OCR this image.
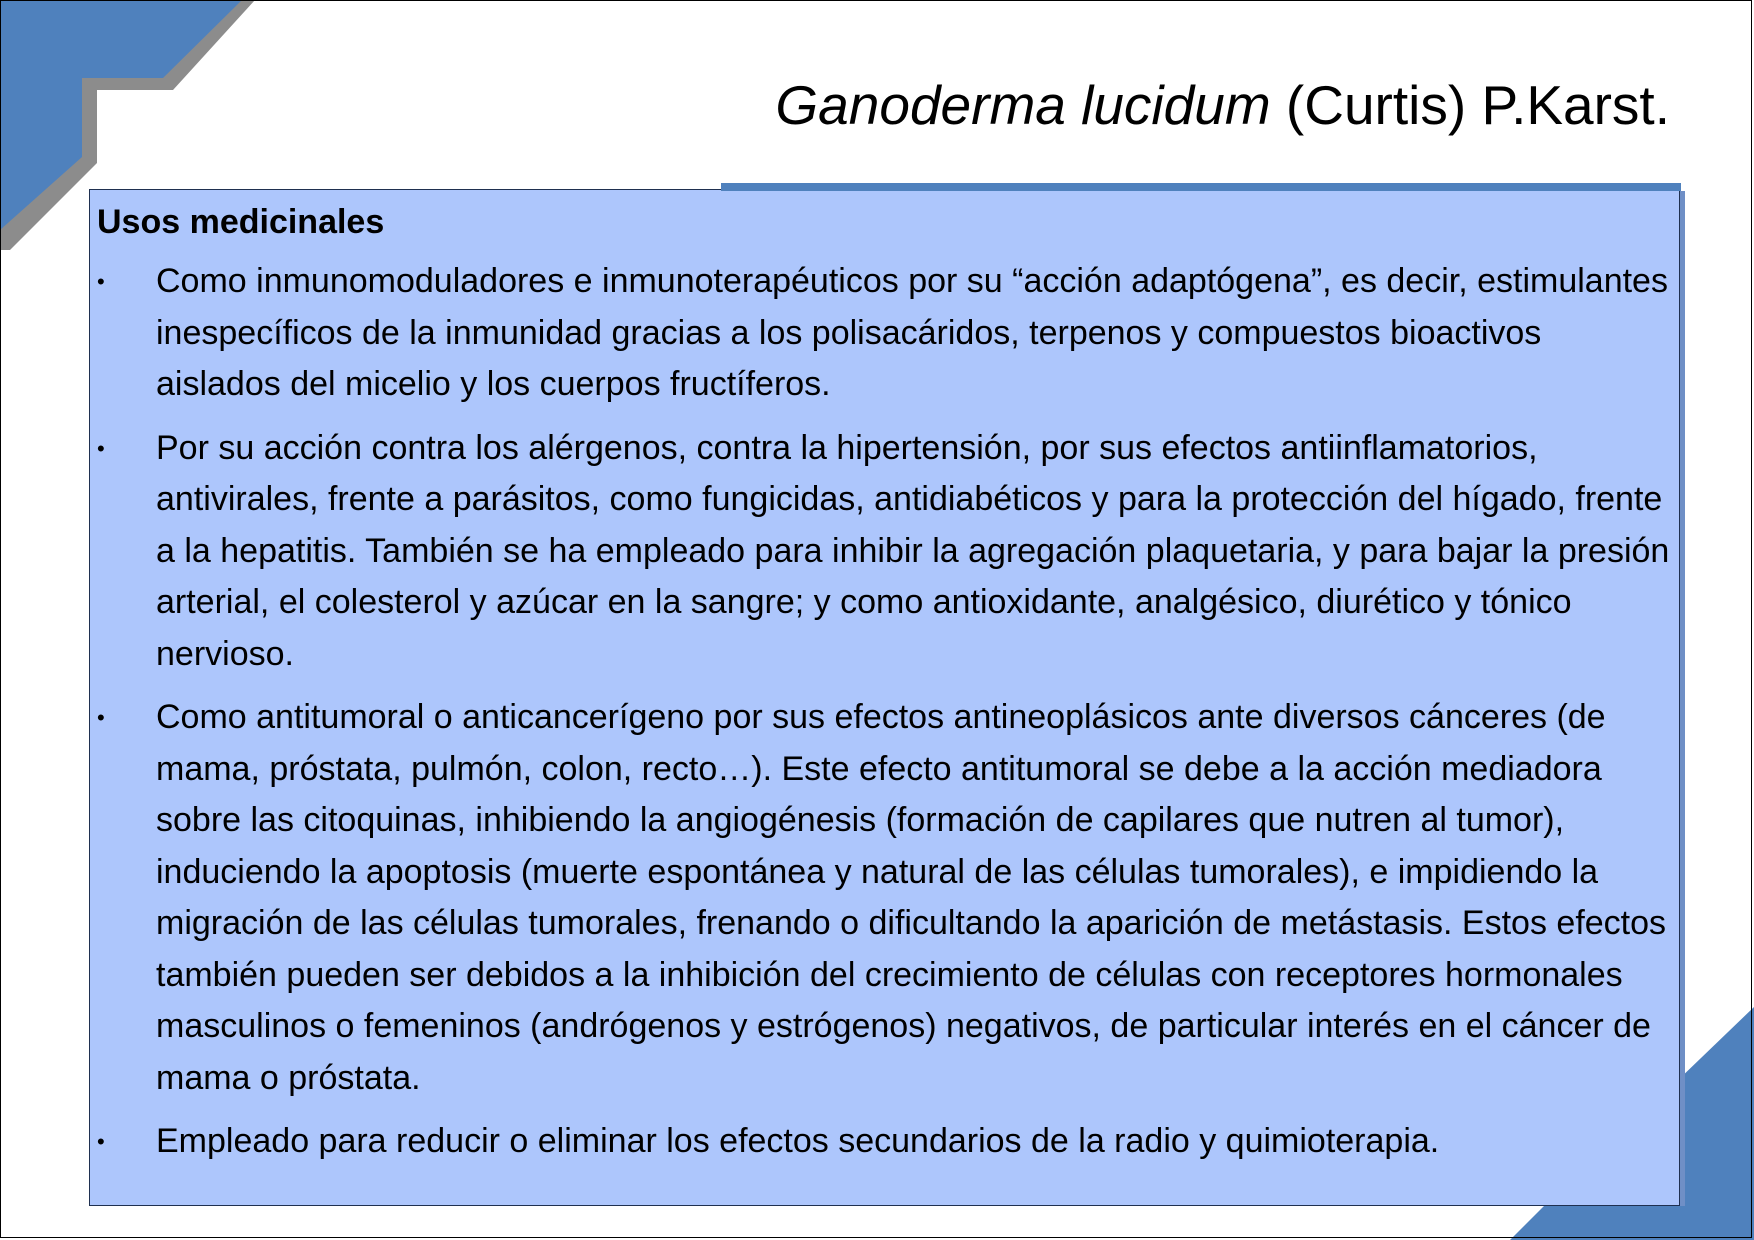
Ganoderma lucidum (Curtis) P.Karst.
Usos medicinales
• Como inmunomoduladores e inmunoterapéuticos por su “acción adaptógena”, es decir, estimulantes inespecíficos de la inmunidad gracias a los polisacáridos, terpenos y compuestos bioactivos aislados del micelio y los cuerpos fructíferos.
• Por su acción contra los alérgenos, contra la hipertensión, por sus efectos antiinflamatorios, antivirales, frente a parásitos, como fungicidas, antidiabéticos y para la protección del hígado, frente a la hepatitis. También se ha empleado para inhibir la agregación plaquetaria, y para bajar la presión arterial, el colesterol y azúcar en la sangre; y como antioxidante, analgésico, diurético y tónico nervioso.
• Como antitumoral o anticancerígeno por sus efectos antineoplásicos ante diversos cánceres (de mama, próstata, pulmón, colon, recto…). Este efecto antitumoral se debe a la acción mediadora sobre las citoquinas, inhibiendo la angiogénesis (formación de capilares que nutren al tumor), induciendo la apoptosis (muerte espontánea y natural de las células tumorales), e impidiendo la migración de las células tumorales, frenando o dificultando la aparición de metástasis. Estos efectos también pueden ser debidos a la inhibición del crecimiento de células con receptores hormonales masculinos o femeninos (andrógenos y estrógenos) negativos, de particular interés en el cáncer de mama o próstata.
• Empleado para reducir o eliminar los efectos secundarios de la radio y quimioterapia.
